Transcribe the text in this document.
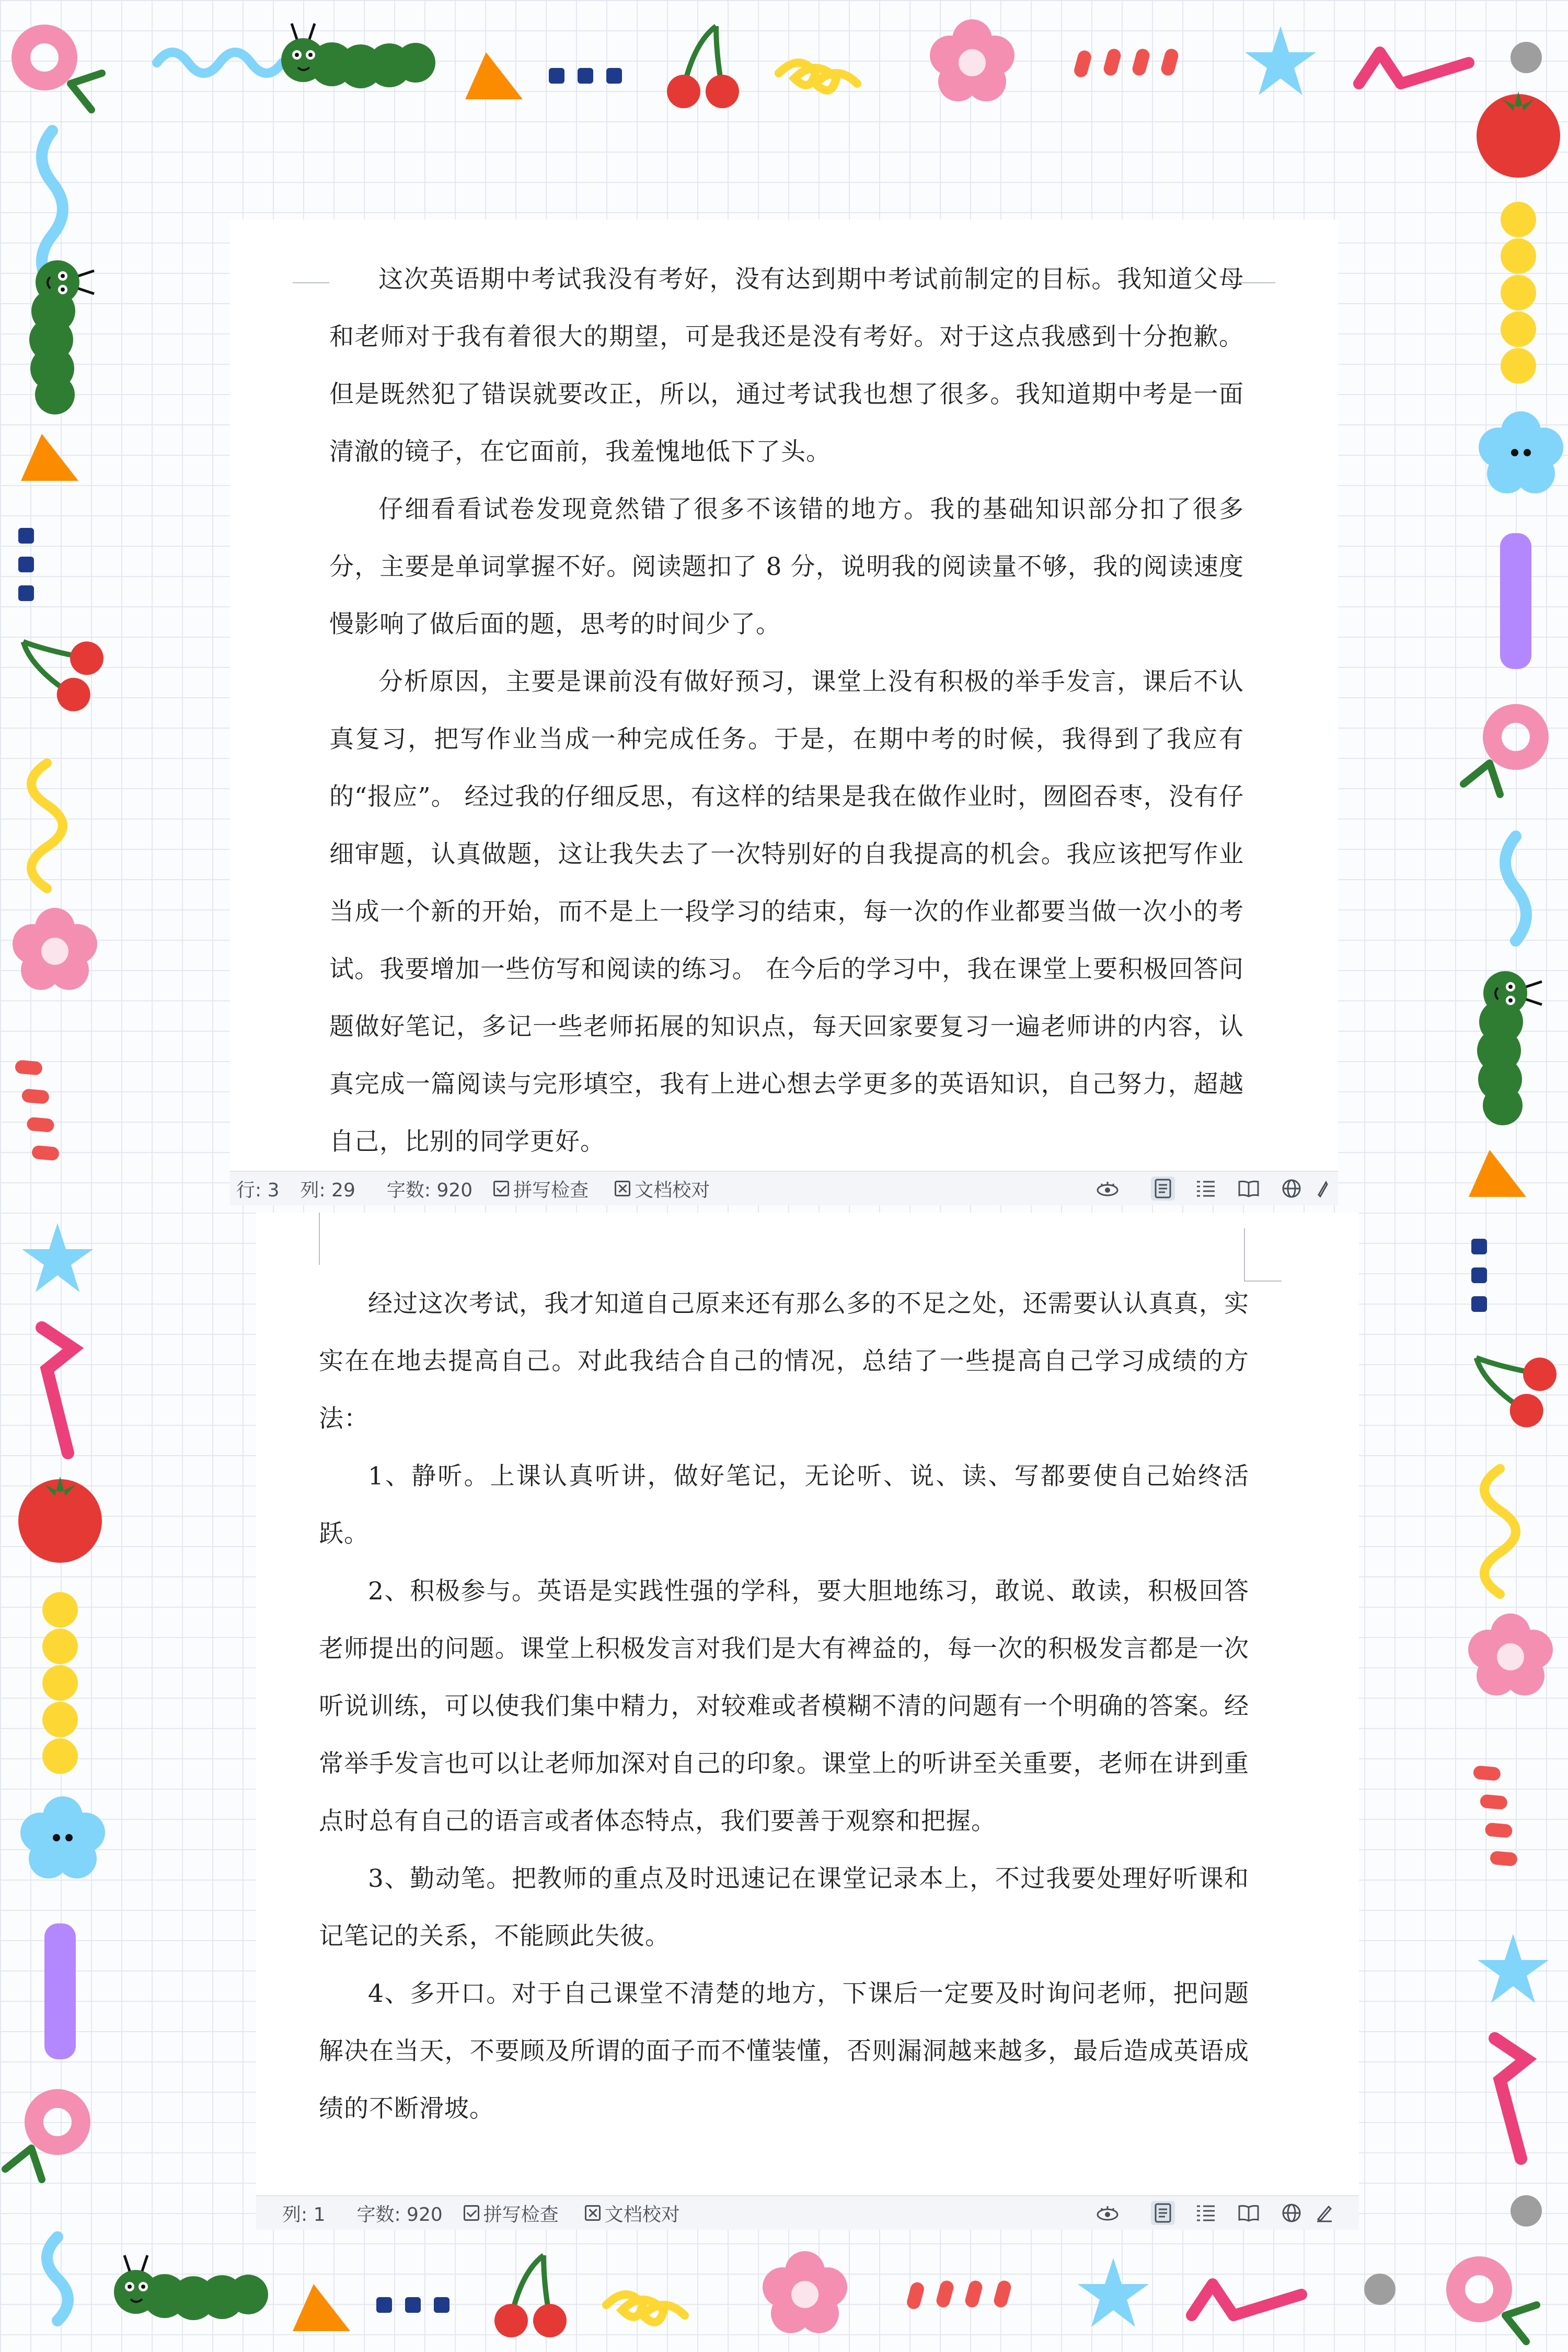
这次英语期中考试我没有考好，没有达到期中考试前制定的目标。我知道父母和老师对于我有着很大的期望，可是我还是没有考好。对于这点我感到十分抱歉。但是既然犯了错误就要改正，所以，通过考试我也想了很多。我知道期中考是一面清澈的镜子，在它面前，我羞愧地低下了头。

仔细看看试卷发现竟然错了很多不该错的地方。我的基础知识部分扣了很多分，主要是单词掌握不好。阅读题扣了 8 分，说明我的阅读量不够，我的阅读速度慢影响了做后面的题，思考的时间少了。

分析原因，主要是课前没有做好预习，课堂上没有积极的举手发言，课后不认真复习，把写作业当成一种完成任务。于是，在期中考的时候，我得到了我应有的“报应”。 经过我的仔细反思，有这样的结果是我在做作业时，囫囵吞枣，没有仔细审题，认真做题，这让我失去了一次特别好的自我提高的机会。我应该把写作业当成一个新的开始，而不是上一段学习的结束，每一次的作业都要当做一次小的考试。我要增加一些仿写和阅读的练习。 在今后的学习中，我在课堂上要积极回答问题做好笔记，多记一些老师拓展的知识点，每天回家要复习一遍老师讲的内容，认真完成一篇阅读与完形填空，我有上进心想去学更多的英语知识，自己努力，超越自己，比别的同学更好。

行: 3 列: 29 字数: 920 拼写检查 文档校对

经过这次考试，我才知道自己原来还有那么多的不足之处，还需要认认真真，实实在在地去提高自己。对此我结合自己的情况，总结了一些提高自己学习成绩的方法：

1、静听。上课认真听讲，做好笔记，无论听、说、读、写都要使自己始终活跃。

2、积极参与。英语是实践性强的学科，要大胆地练习，敢说、敢读，积极回答老师提出的问题。课堂上积极发言对我们是大有裨益的，每一次的积极发言都是一次听说训练，可以使我们集中精力，对较难或者模糊不清的问题有一个明确的答案。经常举手发言也可以让老师加深对自己的印象。课堂上的听讲至关重要，老师在讲到重点时总有自己的语言或者体态特点，我们要善于观察和把握。

3、勤动笔。把教师的重点及时迅速记在课堂记录本上，不过我要处理好听课和记笔记的关系，不能顾此失彼。

4、多开口。对于自己课堂不清楚的地方，下课后一定要及时询问老师，把问题解决在当天，不要顾及所谓的面子而不懂装懂，否则漏洞越来越多，最后造成英语成绩的不断滑坡。

列: 1 字数: 920 拼写检查 文档校对
